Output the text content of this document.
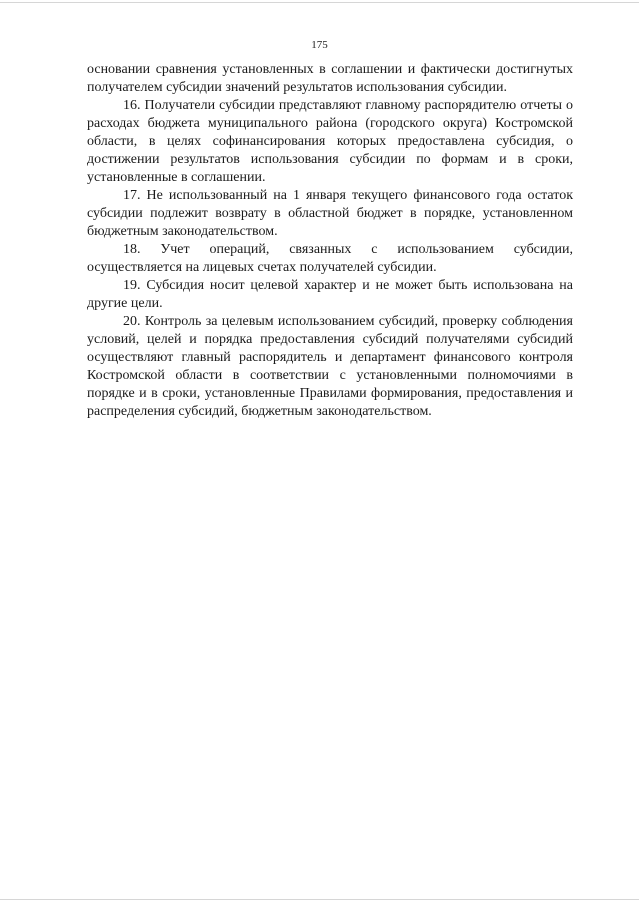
175

основании сравнения установленных в соглашении и фактически достигнутых получателем субсидии значений результатов использования субсидии.

16. Получатели субсидии представляют главному распорядителю отчеты о расходах бюджета муниципального района (городского округа) Костромской области, в целях софинансирования которых предоставлена субсидия, о достижении результатов использования субсидии по формам и в сроки, установленные в соглашении.

17. Не использованный на 1 января текущего финансового года остаток субсидии подлежит возврату в областной бюджет в порядке, установленном бюджетным законодательством.

18. Учет операций, связанных с использованием субсидии, осуществляется на лицевых счетах получателей субсидии.

19. Субсидия носит целевой характер и не может быть использована на другие цели.

20. Контроль за целевым использованием субсидий, проверку соблюдения условий, целей и порядка предоставления субсидий получателями субсидий осуществляют главный распорядитель и департамент финансового контроля Костромской области в соответствии с установленными полномочиями в порядке и в сроки, установленные Правилами формирования, предоставления и распределения субсидий, бюджетным законодательством.
